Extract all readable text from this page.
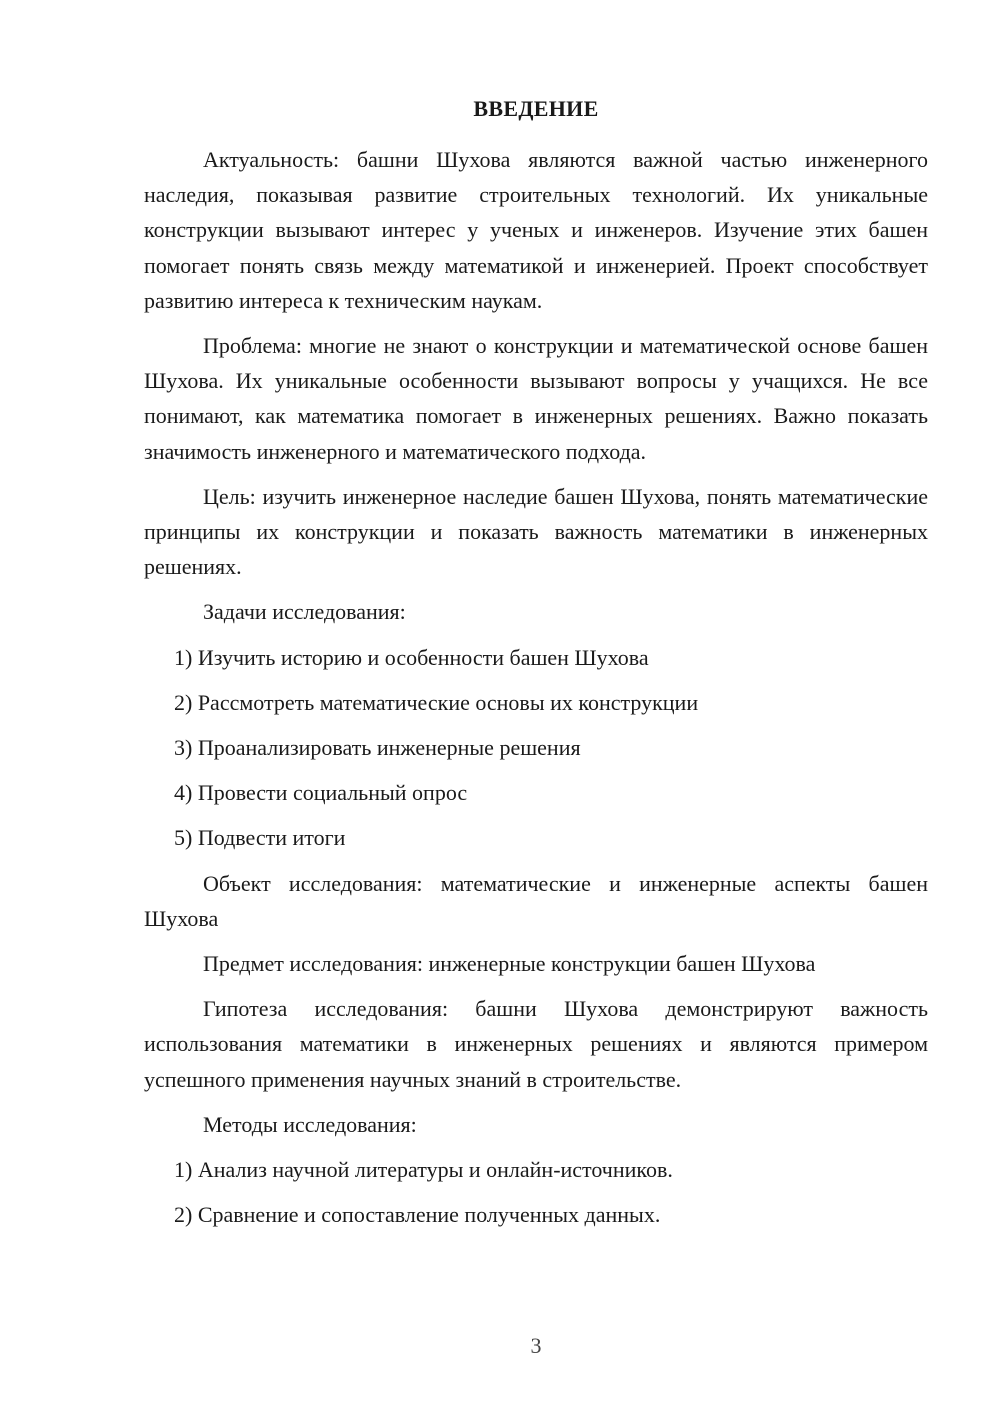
ВВЕДЕНИЕ

Актуальность: башни Шухова являются важной частью инженерного наследия, показывая развитие строительных технологий. Их уникальные конструкции вызывают интерес у ученых и инженеров. Изучение этих башен помогает понять связь между математикой и инженерией. Проект способствует развитию интереса к техническим наукам.

Проблема: многие не знают о конструкции и математической основе башен Шухова. Их уникальные особенности вызывают вопросы у учащихся. Не все понимают, как математика помогает в инженерных решениях. Важно показать значимость инженерного и математического подхода.

Цель: изучить инженерное наследие башен Шухова, понять математические принципы их конструкции и показать важность математики в инженерных решениях.

Задачи исследования:

1) Изучить историю и особенности башен Шухова

2) Рассмотреть математические основы их конструкции

3) Проанализировать инженерные решения

4) Провести социальный опрос

5) Подвести итоги

Объект исследования: математические и инженерные аспекты башен Шухова

Предмет исследования: инженерные конструкции башен Шухова

Гипотеза исследования: башни Шухова демонстрируют важность использования математики в инженерных решениях и являются примером успешного применения научных знаний в строительстве.

Методы исследования:

1) Анализ научной литературы и онлайн-источников.

2) Сравнение и сопоставление полученных данных.

3
